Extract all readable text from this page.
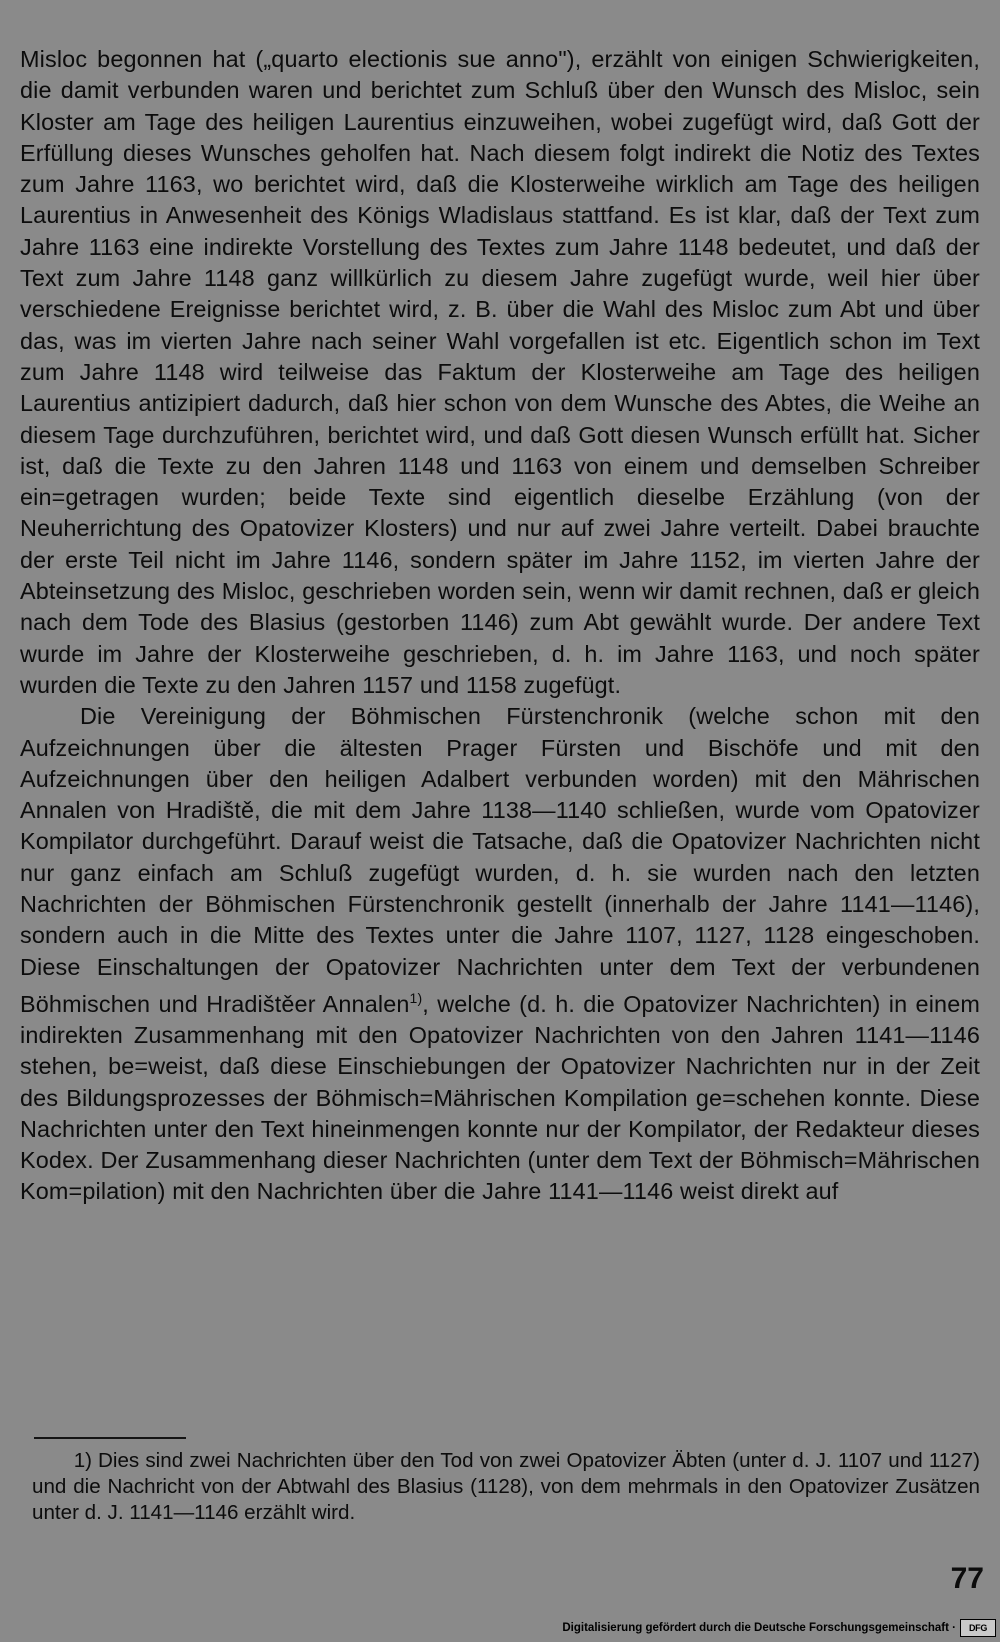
Misloc begonnen hat („quarto electionis sue anno"), erzählt von einigen Schwierigkeiten, die damit verbunden waren und berichtet zum Schluß über den Wunsch des Misloc, sein Kloster am Tage des heiligen Laurentius einzuweihen, wobei zugefügt wird, daß Gott der Erfüllung dieses Wunsches geholfen hat. Nach diesem folgt indirekt die Notiz des Textes zum Jahre 1163, wo berichtet wird, daß die Klosterweihe wirklich am Tage des heiligen Laurentius in Anwesenheit des Königs Wladislaus stattfand. Es ist klar, daß der Text zum Jahre 1163 eine indirekte Vorstellung des Textes zum Jahre 1148 bedeutet, und daß der Text zum Jahre 1148 ganz willkürlich zu diesem Jahre zugefügt wurde, weil hier über verschiedene Ereignisse berichtet wird, z. B. über die Wahl des Misloc zum Abt und über das, was im vierten Jahre nach seiner Wahl vorgefallen ist etc. Eigentlich schon im Text zum Jahre 1148 wird teilweise das Faktum der Klosterweihe am Tage des heiligen Laurentius antizipiert dadurch, daß hier schon von dem Wunsche des Abtes, die Weihe an diesem Tage durchzuführen, berichtet wird, und daß Gott diesen Wunsch erfüllt hat. Sicher ist, daß die Texte zu den Jahren 1148 und 1163 von einem und demselben Schreiber ein=getragen wurden; beide Texte sind eigentlich dieselbe Erzählung (von der Neuherrichtung des Opatovizer Klosters) und nur auf zwei Jahre verteilt. Dabei brauchte der erste Teil nicht im Jahre 1146, sondern später im Jahre 1152, im vierten Jahre der Abteinsetzung des Misloc, geschrieben worden sein, wenn wir damit rechnen, daß er gleich nach dem Tode des Blasius (gestorben 1146) zum Abt gewählt wurde. Der andere Text wurde im Jahre der Klosterweihe geschrieben, d. h. im Jahre 1163, und noch später wurden die Texte zu den Jahren 1157 und 1158 zugefügt.

Die Vereinigung der Böhmischen Fürstenchronik (welche schon mit den Aufzeichnungen über die ältesten Prager Fürsten und Bischöfe und mit den Aufzeichnungen über den heiligen Adalbert verbunden worden) mit den Mährischen Annalen von Hradiště, die mit dem Jahre 1138—1140 schließen, wurde vom Opatovizer Kompilator durchgeführt. Darauf weist die Tatsache, daß die Opatovizer Nachrichten nicht nur ganz einfach am Schluß zugefügt wurden, d. h. sie wurden nach den letzten Nachrichten der Böhmischen Fürstenchronik gestellt (innerhalb der Jahre 1141—1146), sondern auch in die Mitte des Textes unter die Jahre 1107, 1127, 1128 eingeschoben. Diese Einschaltungen der Opatovizer Nachrichten unter dem Text der verbundenen Böhmischen und Hradištěer Annalen$^{1)}$, welche (d. h. die Opatovizer Nachrichten) in einem indirekten Zusammenhang mit den Opatovizer Nachrichten von den Jahren 1141—1146 stehen, be=weist, daß diese Einschiebungen der Opatovizer Nachrichten nur in der Zeit des Bildungsprozesses der Böhmisch=Mährischen Kompilation ge=schehen konnte. Diese Nachrichten unter den Text hineinmengen konnte nur der Kompilator, der Redakteur dieses Kodex. Der Zusammenhang dieser Nachrichten (unter dem Text der Böhmisch=Mährischen Kom=pilation) mit den Nachrichten über die Jahre 1141—1146 weist direkt auf

1) Dies sind zwei Nachrichten über den Tod von zwei Opatovizer Äbten (unter d. J. 1107 und 1127) und die Nachricht von der Abtwahl des Blasius (1128), von dem mehrmals in den Opatovizer Zusätzen unter d. J. 1141—1146 erzählt wird.
77
Digitalisierung gefördert durch die Deutsche Forschungsgemeinschaft ·	DFG
